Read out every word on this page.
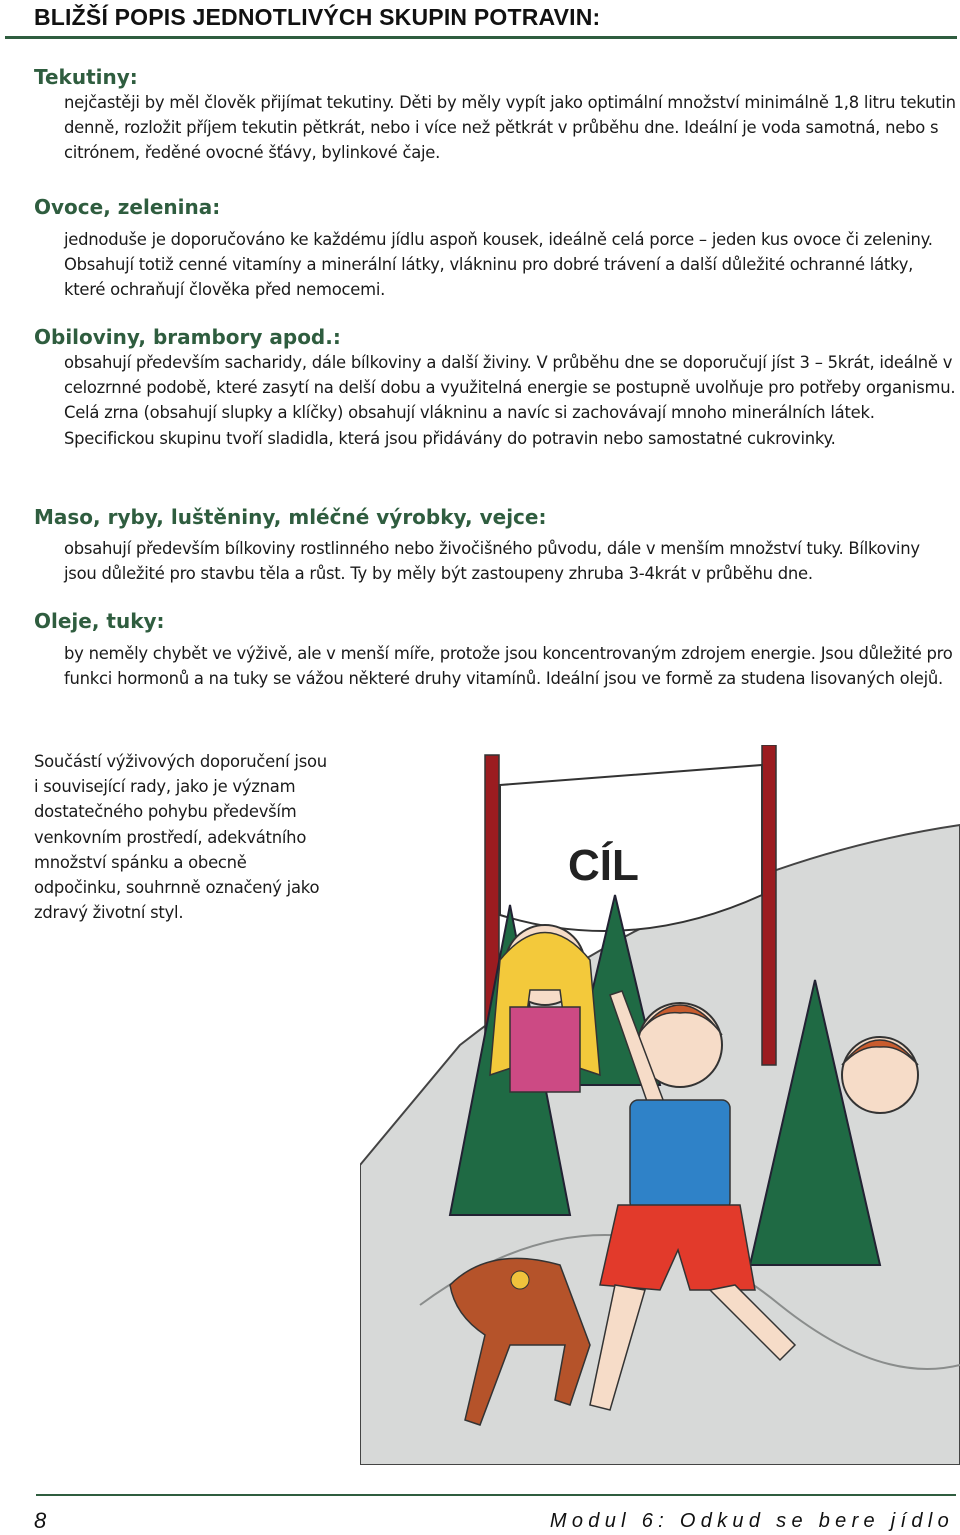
BLIŽŠÍ POPIS JEDNOTLIVÝCH SKUPIN POTRAVIN:
Tekutiny:

nejčastěji by měl člověk přijímat tekutiny. Děti by měly vypít jako optimální množství minimálně 1,8 litru tekutin denně, rozložit příjem tekutin pětkrát, nebo i více než pětkrát v průběhu dne. Ideální je voda samotná, nebo s citrónem, ředěné ovocné šťávy, bylinkové čaje.

Ovoce, zelenina:

jednoduše je doporučováno ke každému jídlu aspoň kousek, ideálně celá porce – jeden kus ovoce či zeleniny. Obsahují totiž cenné vitamíny a minerální látky, vlákninu pro dobré trávení a další důležité ochranné látky, které ochraňují člověka před nemocemi.

Obiloviny, brambory apod.:

obsahují především sacharidy, dále bílkoviny a další živiny. V průběhu dne se doporučují jíst 3 – 5krát, ideálně v celozrnné podobě, které zasytí na delší dobu a využitelná energie se postupně uvolňuje pro potřeby organismu. Celá zrna (obsahují slupky a klíčky) obsahují vlákninu a navíc si zachovávají mnoho minerálních látek. Specifickou skupinu tvoří sladidla, která jsou přidávány do potravin nebo samostatné cukrovinky.

Maso, ryby, luštěniny, mléčné výrobky, vejce:

obsahují především bílkoviny rostlinného nebo živočišného původu, dále v menším množství tuky. Bílkoviny jsou důležité pro stavbu těla a růst. Ty by měly být zastoupeny zhruba 3-4krát v průběhu dne.

Oleje, tuky:

by neměly chybět ve výživě, ale v menší míře, protože jsou koncentrovaným zdrojem energie. Jsou důležité pro funkci hormonů a na tuky se vážou některé druhy vitamínů. Ideální jsou ve formě za studena lisovaných olejů.

Součástí výživových doporučení jsou i související rady, jako je význam dostatečného pohybu především venkovním prostředí, adekvátního množství spánku a obecně odpočinku, souhrnně označený jako zdravý životní styl.

CÍL
8	Modul 6: Odkud se bere jídlo
